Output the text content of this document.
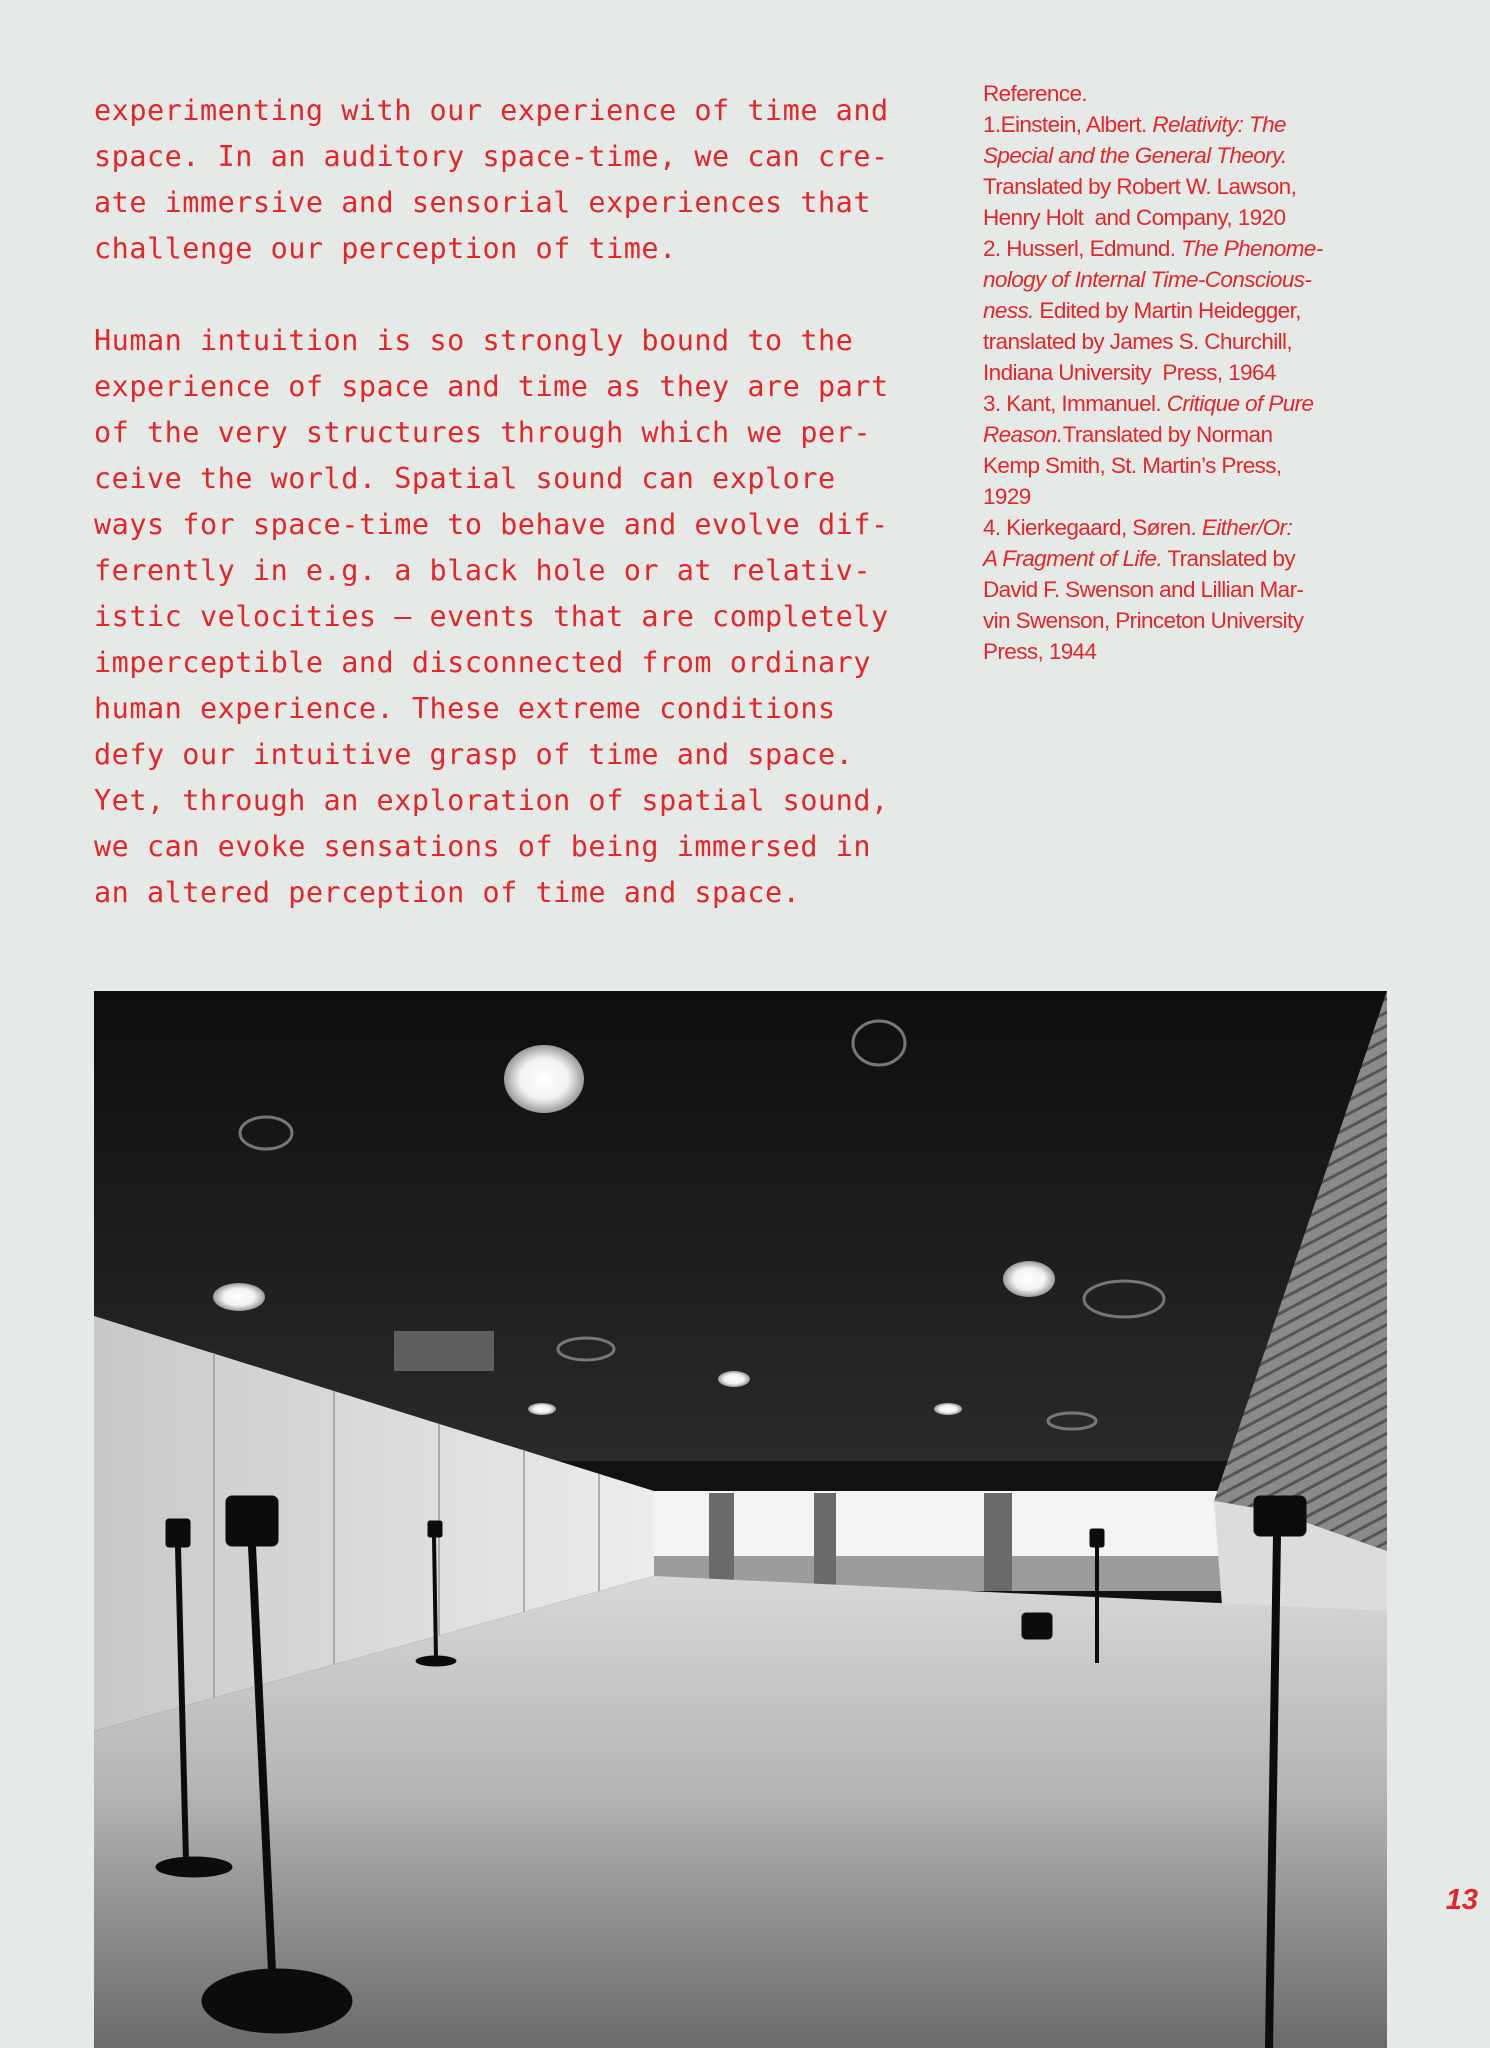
experimenting with our experience of time and
space. In an auditory space-time, we can cre-
ate immersive and sensorial experiences that
challenge our perception of time.

Human intuition is so strongly bound to the
experience of space and time as they are part
of the very structures through which we per-
ceive the world. Spatial sound can explore
ways for space-time to behave and evolve dif-
ferently in e.g. a black hole or at relativ-
istic velocities – events that are completely
imperceptible and disconnected from ordinary
human experience. These extreme conditions
defy our intuitive grasp of time and space.
Yet, through an exploration of spatial sound,
we can evoke sensations of being immersed in
an altered perception of time and space.

Reference.
1.Einstein, Albert. Relativity: The
Special and the General Theory.
Translated by Robert W. Lawson,
Henry Holt  and Company, 1920
2. Husserl, Edmund. The Phenome-
nology of Internal Time-Conscious-
ness. Edited by Martin Heidegger,
translated by James S. Churchill,
Indiana University  Press, 1964
3. Kant, Immanuel. Critique of Pure
Reason.Translated by Norman
Kemp Smith, St. Martin’s Press,
1929
4. Kierkegaard, Søren. Either/Or:
A Fragment of Life. Translated by
David F. Swenson and Lillian Mar-
vin Swenson, Princeton University
Press, 1944
13
